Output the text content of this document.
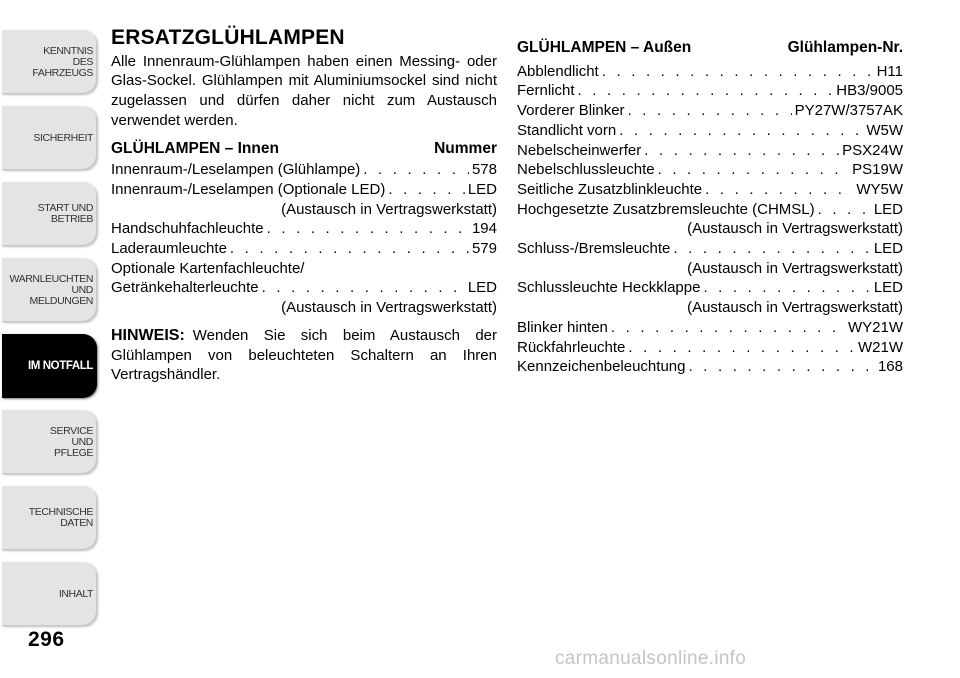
KENNTNIS
DES
FAHRZEUGS
SICHERHEIT
START UND
BETRIEB
WARNLEUCHTEN
UND
MELDUNGEN
IM NOTFALL
SERVICE
UND
PFLEGE
TECHNISCHE
DATEN
INHALT
296
ERSATZGLÜHLAMPEN

Alle Innenraum-Glühlampen haben einen Messing- oder Glas-Sockel. Glühlampen mit Aluminiumsockel sind nicht zugelassen und dürfen daher nicht zum Austausch verwendet werden.

GLÜHLAMPEN – Innen	Nummer
Innenraum-/Leselampen (Glühlampe) . . .	578
Innenraum-/Leselampen (Optionale LED) . . .	LED
(Austausch in Vertragswerkstatt)
Handschuhfachleuchte . . .	194
Laderaumleuchte . . .	579
Optionale Kartenfachleuchte/
Getränkehalterleuchte . . .	LED
(Austausch in Vertragswerkstatt)
HINWEIS: Wenden Sie sich beim Austausch der Glühlampen von beleuchteten Schaltern an Ihren Vertragshändler.
GLÜHLAMPEN – Außen	Glühlampen-Nr.
Abblendlicht . . .	H11
Fernlicht . . .	HB3/9005
Vorderer Blinker . . .	PY27W/3757AK
Standlicht vorn . . .	W5W
Nebelscheinwerfer . . .	PSX24W
Nebelschlussleuchte . . .	PS19W
Seitliche Zusatzblinkleuchte . . .	WY5W
Hochgesetzte Zusatzbremsleuchte (CHMSL) . . .	LED
(Austausch in Vertragswerkstatt)
Schluss-/Bremsleuchte . . .	LED
(Austausch in Vertragswerkstatt)
Schlussleuchte Heckklappe . . .	LED
(Austausch in Vertragswerkstatt)
Blinker hinten . . .	WY21W
Rückfahrleuchte . . .	W21W
Kennzeichenbeleuchtung . . .	168
carmanualsonline.info
